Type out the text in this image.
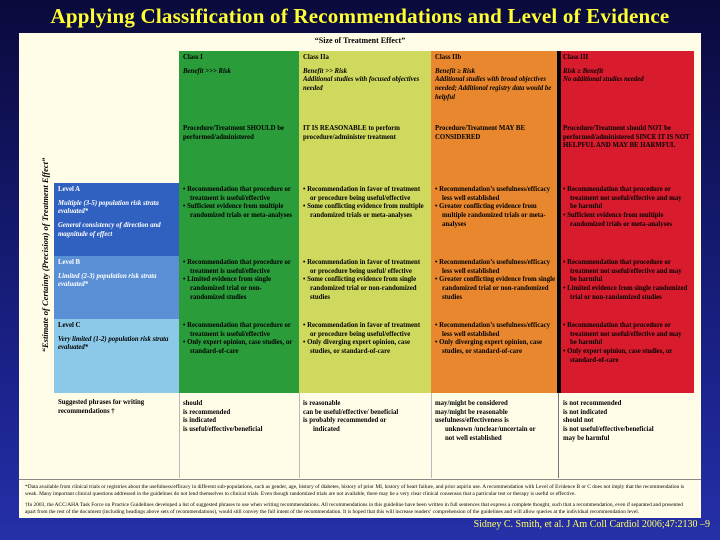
Applying Classification of Recommendations and Level of Evidence
“Size of Treatment Effect”
“Estimate of Certainty (Precision) of Treatment Effect”

Class I

Benefit >>> Risk

Procedure/Treatment SHOULD be performed/administered

Class IIa

Benefit >> Risk

Additional studies with focused objectives needed

IT IS REASONABLE to perform procedure/administer treatment

Class IIb

Benefit ≥ Risk

Additional studies with broad objectives needed; Additional registry data would be helpful

Procedure/Treatment MAY BE CONSIDERED

Class III

Risk ≥ Benefit

No additional studies needed

Procedure/Treatment should NOT be performed/administered SINCE IT IS NOT HELPFUL AND MAY BE HARMFUL

Level A

Multiple (3-5) population risk strata evaluated*

General consistency of direction and magnitude of effect

• Recommendation that procedure or treatment is useful/effective
• Sufficient evidence from multiple randomized trials or meta-analyses
• Recommendation in favor of treatment or procedure being useful/effective
• Some conflicting evidence from multiple randomized trials or meta-analyses
• Recommendation’s usefulness/efficacy less well established
• Greater conflicting evidence from multiple randomized trials or meta-analyses
• Recommendation that procedure or treatment not useful/effective and may be harmful
• Sufficient evidence from multiple randomized trials or meta-analyses

Level B

Limited (2-3) population risk strata evaluated*

• Recommendation that procedure or treatment is useful/effective
• Limited evidence from single randomized trial or non-randomized studies
• Recommendation in favor of treatment or procedure being useful/ effective
• Some conflicting evidence from single randomized trial or non-randomized studies
• Recommendation’s usefulness/efficacy less well established
• Greater conflicting evidence from single randomized trial or non-randomized studies
• Recommendation that procedure or treatment not useful/effective and may be harmful
• Limited evidence from single randomized trial or non-randomized studies

Level C

Very limited (1-2) population risk strata evaluated*

• Recommendation that procedure or treatment is useful/effective
• Only expert opinion, case studies, or standard-of-care
• Recommendation in favor of treatment or procedure being useful/effective
• Only diverging expert opinion, case studies, or standard-of-care
• Recommendation’s usefulness/efficacy less well established
• Only diverging expert opinion, case studies, or standard-of-care
• Recommendation that procedure or treatment not useful/effective and may be harmful
• Only expert opinion, case studies, or standard-of-care

Suggested phrases for writing recommendations †

should

is recommended

is indicated

is useful/effective/beneficial

is reasonable

can be useful/effective/ beneficial

is probably recommended or

indicated

may/might be considered

may/might be reasonable

usefulness/effectiveness is

unknown /unclear/uncertain or

not well established

is not recommended

is not indicated

should not

is not useful/effective/beneficial

may be harmful

*Data available from clinical trials or registries about the usefulness/efficacy in different sub-populations, such as gender, age, history of diabetes, history of prior MI, history of heart failure, and prior aspirin use. A recommendation with Level of Evidence B or C does not imply that the recommendation is weak. Many important clinical questions addressed in the guidelines do not lend themselves to clinical trials. Even though randomized trials are not available, there may be a very clear clinical consensus that a particular test or therapy is useful or effective.
†In 2003, the ACC/AHA Task Force on Practice Guidelines developed a list of suggested phrases to use when writing recommendations. All recommendations in this guideline have been written in full sentences that express a complete thought, such that a recommendation, even if separated and presented apart from the rest of the document (including headings above sets of recommendations), would still convey the full intent of the recommendation. It is hoped that this will increase readers’ comprehension of the guidelines and will allow queries at the individual recommendation level.
Sidney C. Smith, et al. J Am Coll Cardiol 2006;47:2130 –9
